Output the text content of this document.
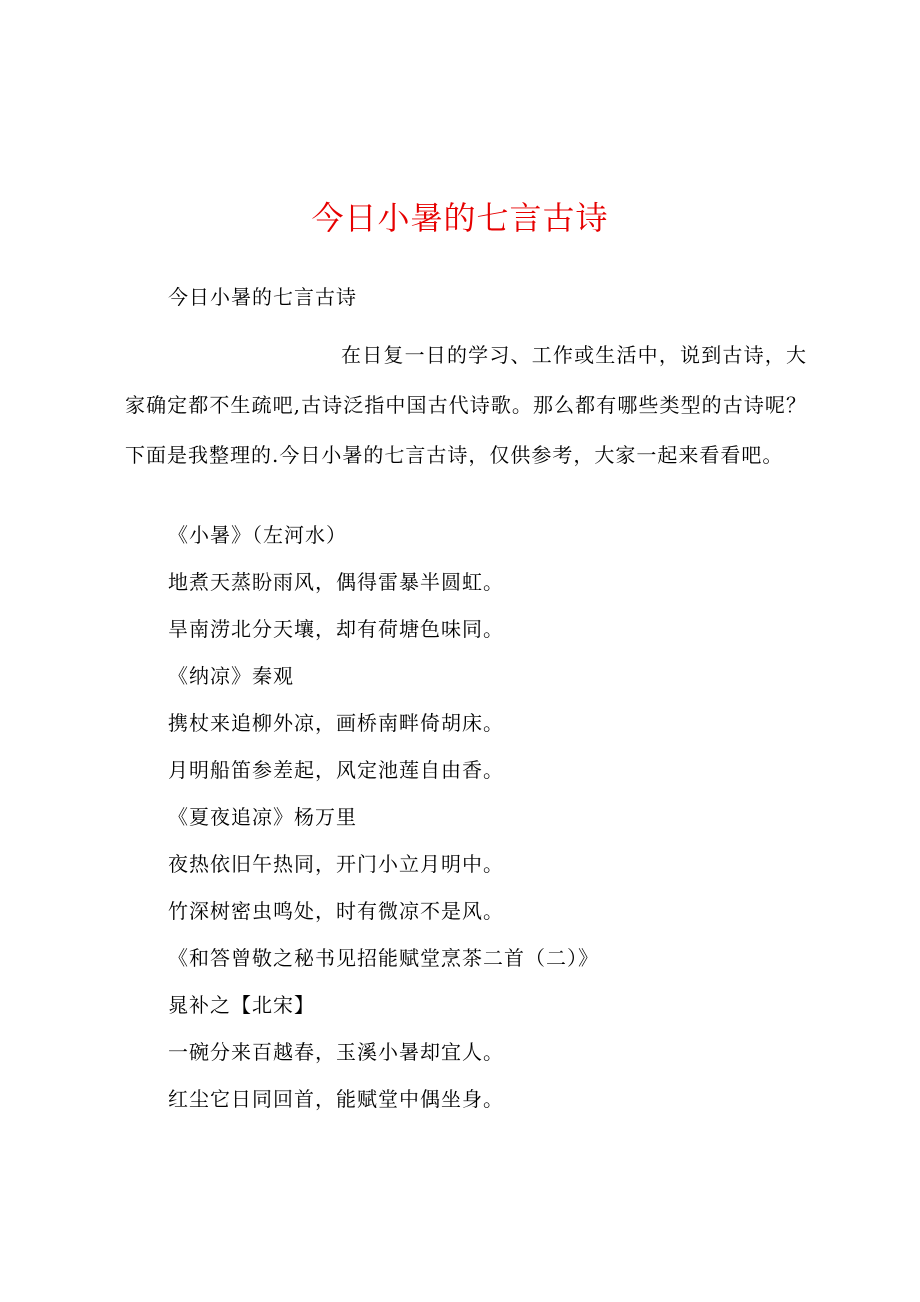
今日小暑的七言古诗
今日小暑的七言古诗
在日复一日的学习、工作或生活中，说到古诗，大家确定都不生疏吧,古诗泛指中国古代诗歌。那么都有哪些类型的古诗呢？下面是我整理的.今日小暑的七言古诗，仅供参考，大家一起来看看吧。
《小暑》（左河水）
地煮天蒸盼雨风，偶得雷暴半圆虹。
旱南涝北分天壤，却有荷塘色味同。
《纳凉》秦观
携杖来追柳外凉，画桥南畔倚胡床。
月明船笛参差起，风定池莲自由香。
《夏夜追凉》杨万里
夜热依旧午热同，开门小立月明中。
竹深树密虫鸣处，时有微凉不是风。
《和答曾敬之秘书见招能赋堂烹茶二首（二）》
晁补之【北宋】
一碗分来百越春，玉溪小暑却宜人。
红尘它日同回首，能赋堂中偶坐身。
